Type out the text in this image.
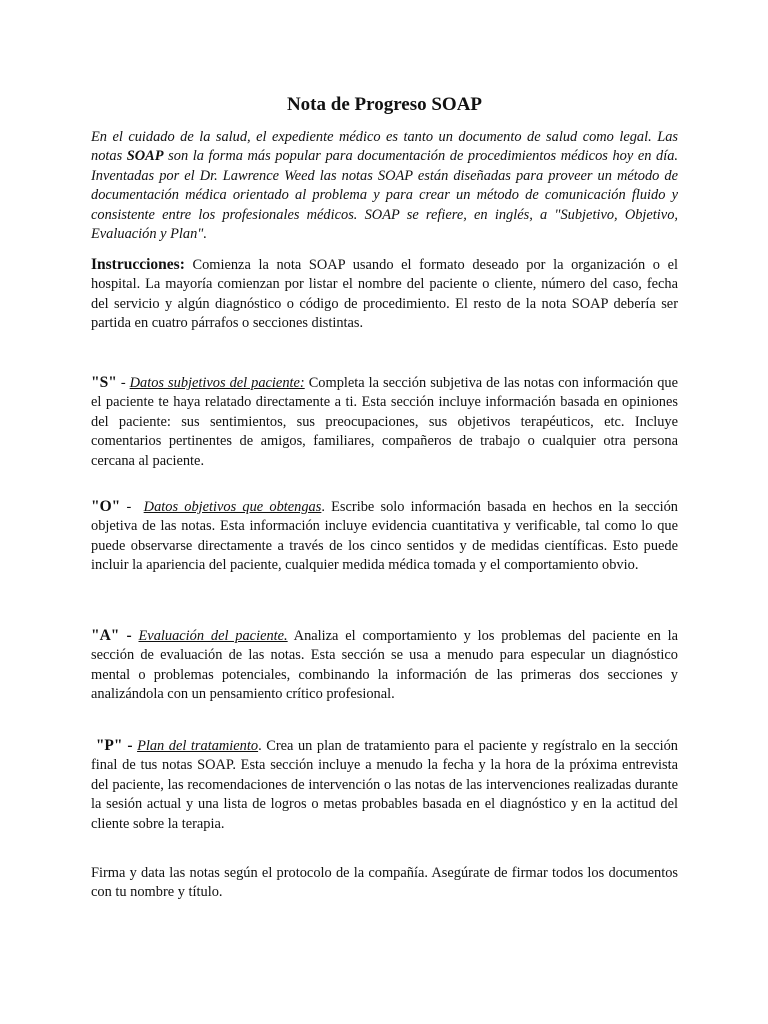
Nota de Progreso SOAP

En el cuidado de la salud, el expediente médico es tanto un documento de salud como legal. Las notas SOAP son la forma más popular para documentación de procedimientos médicos hoy en día. Inventadas por el Dr. Lawrence Weed las notas SOAP están diseñadas para proveer un método de documentación médica orientado al problema y para crear un método de comunicación fluido y consistente entre los profesionales médicos. SOAP se refiere, en inglés, a "Subjetivo, Objetivo, Evaluación y Plan".

Instrucciones: Comienza la nota SOAP usando el formato deseado por la organización o el hospital. La mayoría comienzan por listar el nombre del paciente o cliente, número del caso, fecha del servicio y algún diagnóstico o código de procedimiento. El resto de la nota SOAP debería ser partida en cuatro párrafos o secciones distintas.

"S" - Datos subjetivos del paciente: Completa la sección subjetiva de las notas con información que el paciente te haya relatado directamente a ti. Esta sección incluye información basada en opiniones del paciente: sus sentimientos, sus preocupaciones, sus objetivos terapéuticos, etc. Incluye comentarios pertinentes de amigos, familiares, compañeros de trabajo o cualquier otra persona cercana al paciente.

"O" -  Datos objetivos que obtengas. Escribe solo información basada en hechos en la sección objetiva de las notas. Esta información incluye evidencia cuantitativa y verificable, tal como lo que puede observarse directamente a través de los cinco sentidos y de medidas científicas. Esto puede incluir la apariencia del paciente, cualquier medida médica tomada y el comportamiento obvio.

"A" - Evaluación del paciente. Analiza el comportamiento y los problemas del paciente en la sección de evaluación de las notas. Esta sección se usa a menudo para especular un diagnóstico mental o problemas potenciales, combinando la información de las primeras dos secciones y analizándola con un pensamiento crítico profesional.

"P" - Plan del tratamiento. Crea un plan de tratamiento para el paciente y regístralo en la sección final de tus notas SOAP. Esta sección incluye a menudo la fecha y la hora de la próxima entrevista del paciente, las recomendaciones de intervención o las notas de las intervenciones realizadas durante la sesión actual y una lista de logros o metas probables basada en el diagnóstico y en la actitud del cliente sobre la terapia.

Firma y data las notas según el protocolo de la compañía. Asegúrate de firmar todos los documentos con tu nombre y título.
